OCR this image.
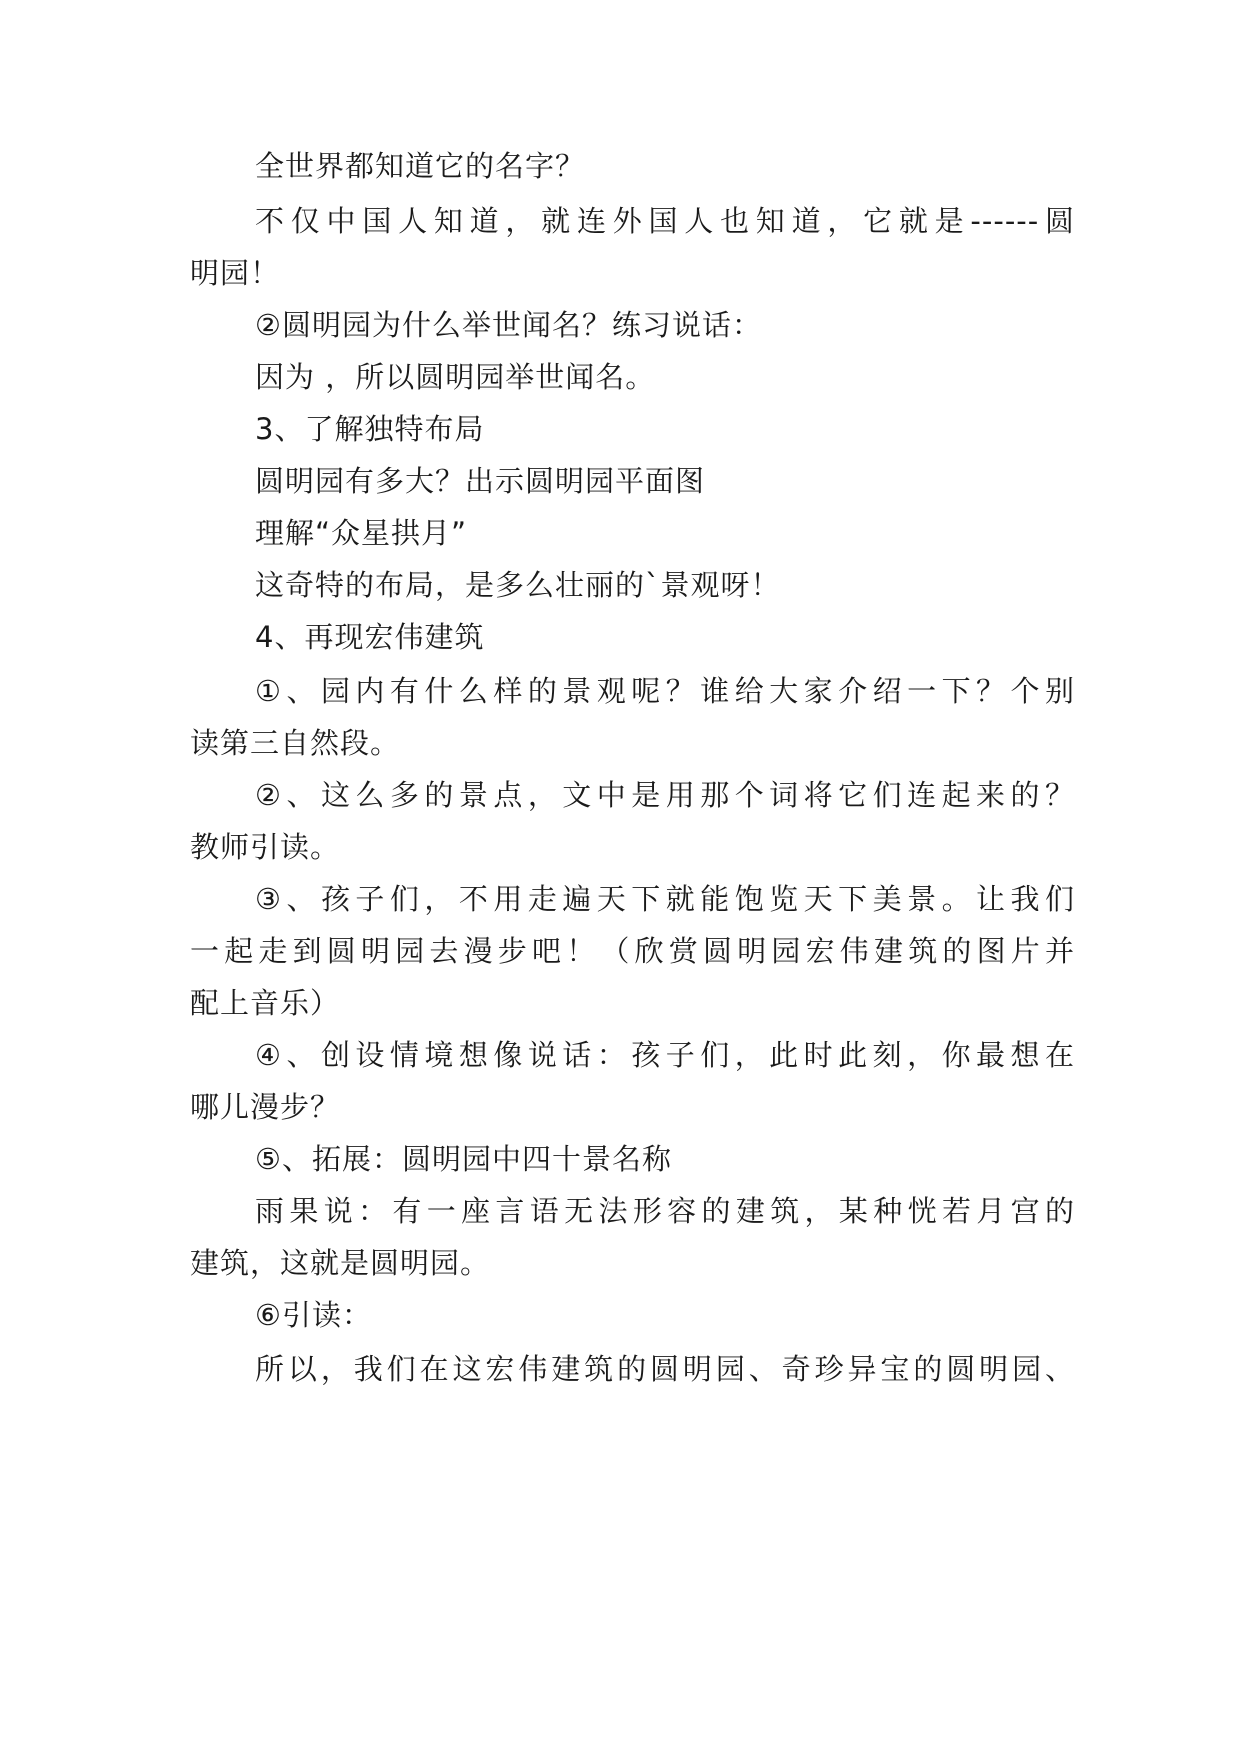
全世界都知道它的名字？

不仅中国人知道，就连外国人也知道，它就是------圆

明园！

②圆明园为什么举世闻名？练习说话：

因为 ，所以圆明园举世闻名。

3、了解独特布局

圆明园有多大？出示圆明园平面图

理解“众星拱月”

这奇特的布局，是多么壮丽的`景观呀！

4、再现宏伟建筑

①、园内有什么样的景观呢？谁给大家介绍一下？个别

读第三自然段。

②、这么多的景点，文中是用那个词将它们连起来的？

教师引读。

③、孩子们，不用走遍天下就能饱览天下美景。让我们

一起走到圆明园去漫步吧！（欣赏圆明园宏伟建筑的图片并

配上音乐）

④、创设情境想像说话：孩子们，此时此刻，你最想在

哪儿漫步？

⑤、拓展：圆明园中四十景名称

雨果说：有一座言语无法形容的建筑，某种恍若月宫的

建筑，这就是圆明园。

⑥引读：

所以，我们在这宏伟建筑的圆明园、奇珍异宝的圆明园、
